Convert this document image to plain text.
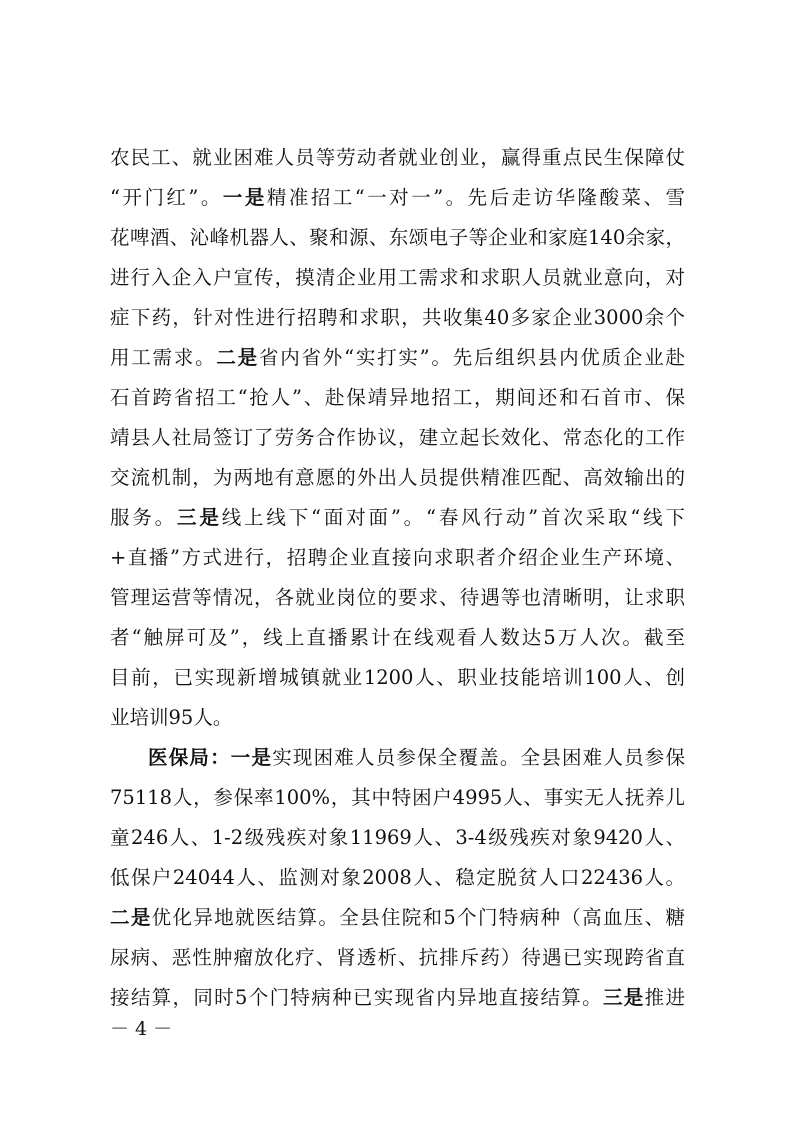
农民工、就业困难人员等劳动者就业创业，赢得重点民生保障仗

“开门红”。一是精准招工“一对一”。先后走访华隆酸菜、雪

花啤酒、沁峰机器人、聚和源、东颂电子等企业和家庭140余家，

进行入企入户宣传，摸清企业用工需求和求职人员就业意向，对

症下药，针对性进行招聘和求职，共收集40多家企业3000余个

用工需求。二是省内省外“实打实”。先后组织县内优质企业赴

石首跨省招工“抢人”、赴保靖异地招工，期间还和石首市、保

靖县人社局签订了劳务合作协议，建立起长效化、常态化的工作

交流机制，为两地有意愿的外出人员提供精准匹配、高效输出的

服务。三是线上线下“面对面”。“春风行动”首次采取“线下

+直播”方式进行，招聘企业直接向求职者介绍企业生产环境、

管理运营等情况，各就业岗位的要求、待遇等也清晰明，让求职

者“触屏可及”，线上直播累计在线观看人数达5万人次。截至

目前，已实现新增城镇就业1200人、职业技能培训100人、创

业培训95人。

医保局：一是实现困难人员参保全覆盖。全县困难人员参保

75118人，参保率100%，其中特困户4995人、事实无人抚养儿

童246人、1-2级残疾对象11969人、3-4级残疾对象9420人、

低保户24044人、监测对象2008人、稳定脱贫人口22436人。

二是优化异地就医结算。全县住院和5个门特病种（高血压、糖

尿病、恶性肿瘤放化疗、肾透析、抗排斥药）待遇已实现跨省直

接结算，同时5个门特病种已实现省内异地直接结算。三是推进

－ 4 －
